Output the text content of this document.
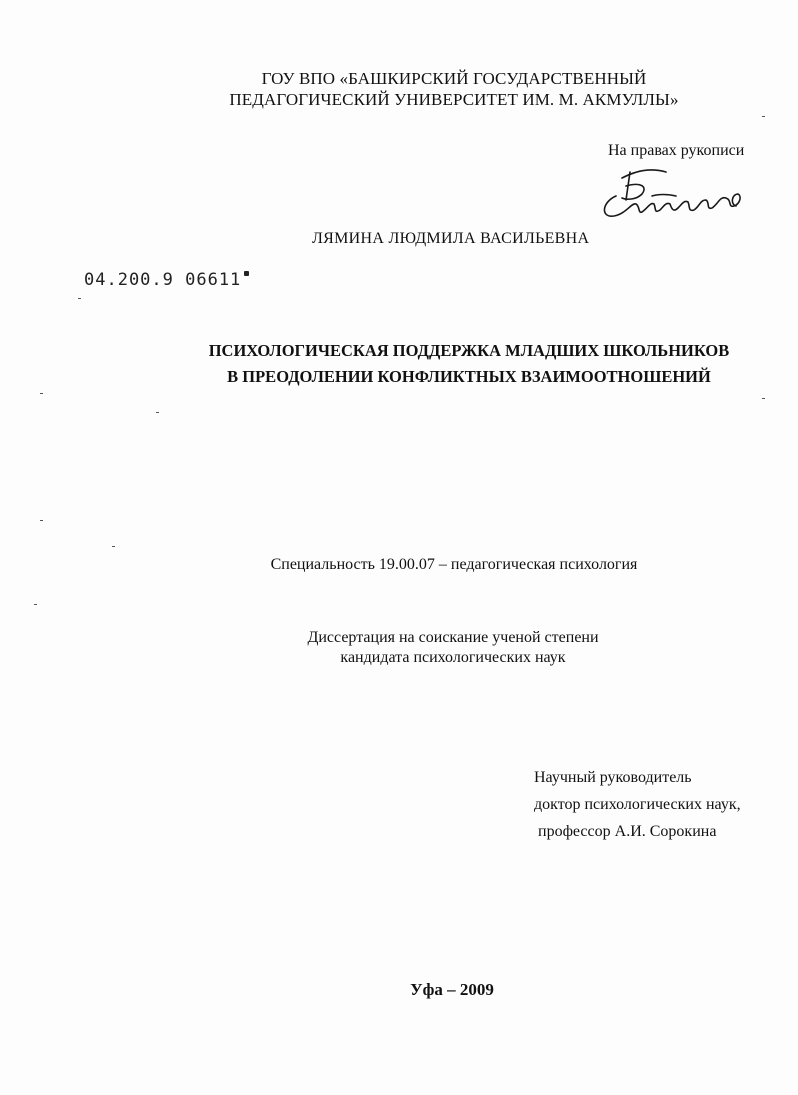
ГОУ ВПО «БАШКИРСКИЙ ГОСУДАРСТВЕННЫЙ
ПЕДАГОГИЧЕСКИЙ УНИВЕРСИТЕТ ИМ. М. АКМУЛЛЫ»
На правах рукописи
ЛЯМИНА ЛЮДМИЛА ВАСИЛЬЕВНА
04.200.9 06611
ПСИХОЛОГИЧЕСКАЯ ПОДДЕРЖКА МЛАДШИХ ШКОЛЬНИКОВ
В ПРЕОДОЛЕНИИ КОНФЛИКТНЫХ ВЗАИМООТНОШЕНИЙ
Специальность 19.00.07 – педагогическая психология
Диссертация на соискание ученой степени
кандидата психологических наук
Научный руководитель
доктор психологических наук,
профессор А.И. Сорокина
Уфа – 2009
